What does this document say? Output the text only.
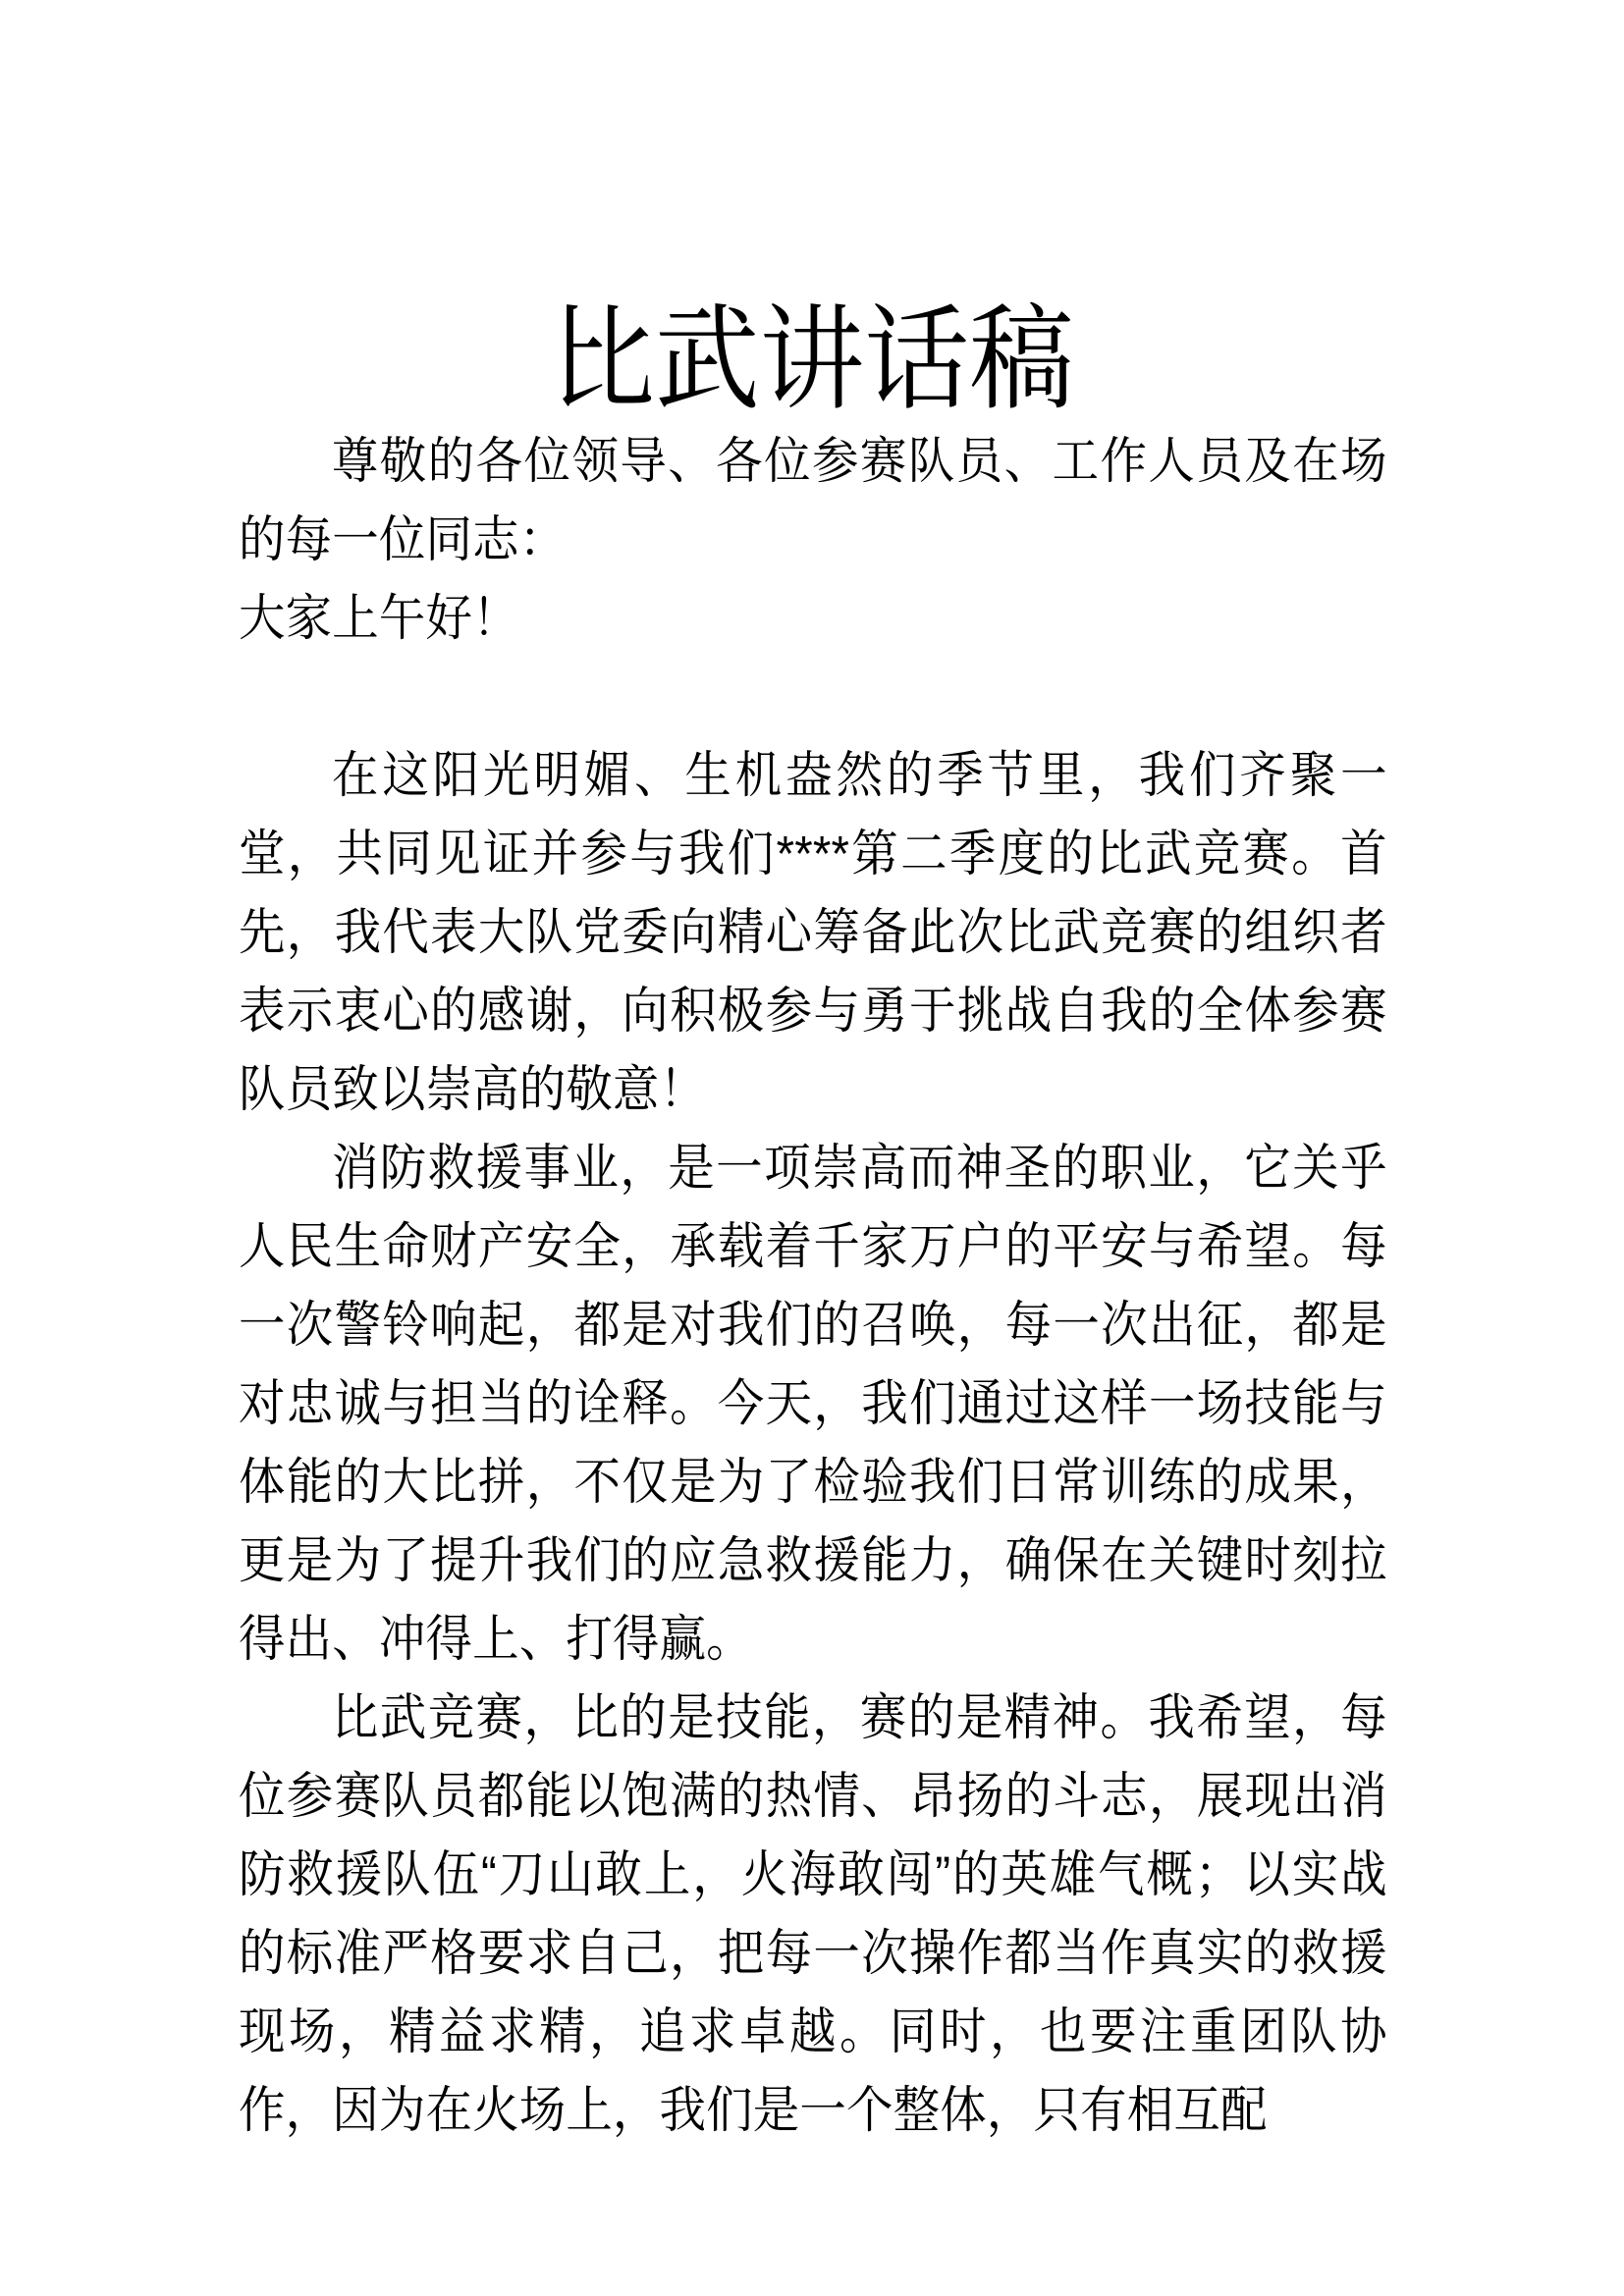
比武讲话稿

尊敬的各位领导、各位参赛队员、工作人员及在场的每一位同志：

大家上午好！

在这阳光明媚、生机盎然的季节里，我们齐聚一堂，共同见证并参与我们****第二季度的比武竞赛。首先，我代表大队党委向精心筹备此次比武竞赛的组织者表示衷心的感谢，向积极参与勇于挑战自我的全体参赛队员致以崇高的敬意！

消防救援事业，是一项崇高而神圣的职业，它关乎人民生命财产安全，承载着千家万户的平安与希望。每一次警铃响起，都是对我们的召唤，每一次出征，都是对忠诚与担当的诠释。今天，我们通过这样一场技能与体能的大比拼，不仅是为了检验我们日常训练的成果，更是为了提升我们的应急救援能力，确保在关键时刻拉得出、冲得上、打得赢。

比武竞赛，比的是技能，赛的是精神。我希望，每位参赛队员都能以饱满的热情、昂扬的斗志，展现出消防救援队伍“刀山敢上，火海敢闯”的英雄气概；以实战的标准严格要求自己，把每一次操作都当作真实的救援现场，精益求精，追求卓越。同时，也要注重团队协作，因为在火场上，我们是一个整体，只有相互配
